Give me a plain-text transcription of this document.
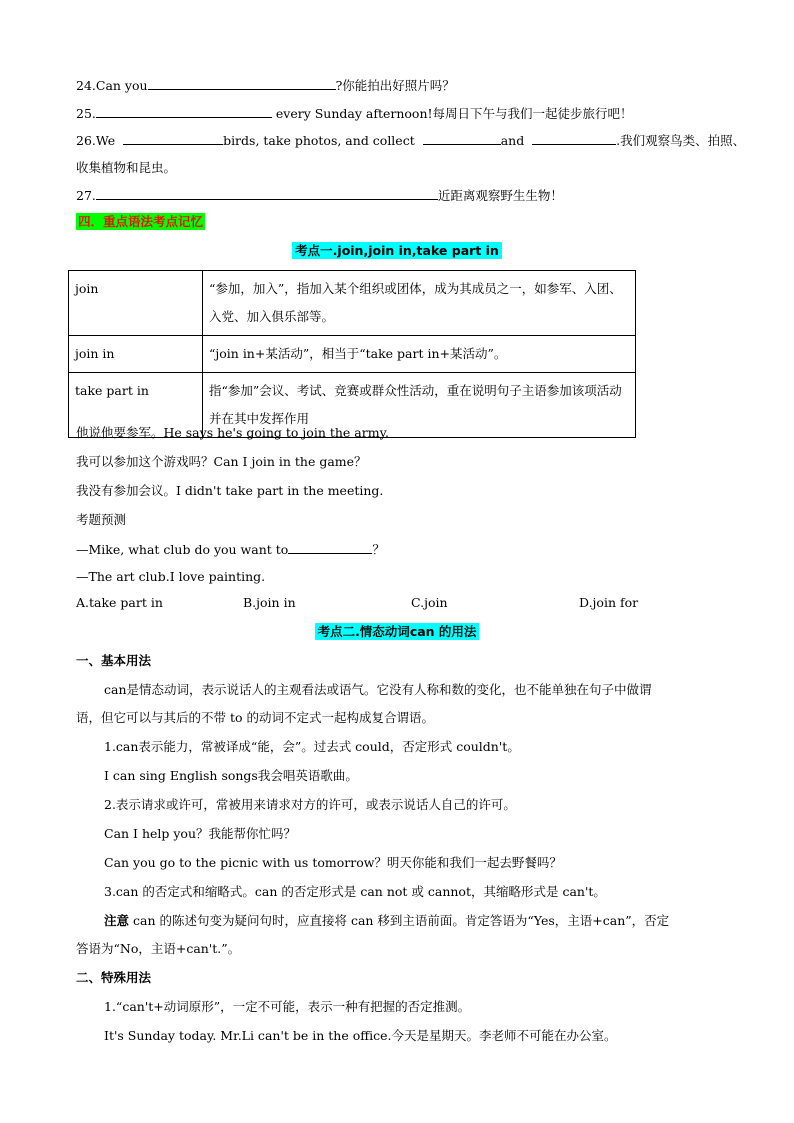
24.Can you	?你能拍出好照片吗？
25.	every Sunday afternoon!每周日下午与我们一起徒步旅行吧！
26.We	birds, take photos, and collect	and	.我们观察鸟类、拍照、
收集植物和昆虫。
27.	近距离观察野生生物！
四．重点语法考点记忆
考点一.join,join in,take part in
join	“参加，加入”，指加入某个组织或团体，成为其成员之一，如参军、入团、入党、加入俱乐部等。
join in	“join in+某活动”，相当于“take part in+某活动”。
take part in	指“参加”会议、考试、竞赛或群众性活动，重在说明句子主语参加该项活动并在其中发挥作用
他说他要参军。He says he's going to join the army.
我可以参加这个游戏吗？Can I join in the game？
我没有参加会议。I didn't take part in the meeting.
考题预测
—Mike, what club do you want to	？
—The art club.I love painting.
A.take part in	B.join in	C.join	D.join for
考点二.情态动词can 的用法
一、基本用法
can是情态动词，表示说话人的主观看法或语气。它没有人称和数的变化，也不能单独在句子中做谓
语，但它可以与其后的不带 to 的动词不定式一起构成复合谓语。
1.can表示能力，常被译成“能，会”。过去式 could，否定形式 couldn't。
I can sing English songs我会唱英语歌曲。
2.表示请求或许可，常被用来请求对方的许可，或表示说话人自己的许可。
Can I help you？我能帮你忙吗？
Can you go to the picnic with us tomorrow？明天你能和我们一起去野餐吗？
3.can 的否定式和缩略式。can 的否定形式是 can not 或 cannot，其缩略形式是 can't。
注意 can 的陈述句变为疑问句时，应直接将 can 移到主语前面。肯定答语为“Yes，主语+can”，否定
答语为“No，主语+can't.”。
二、特殊用法
1.“can't+动词原形”，一定不可能，表示一种有把握的否定推测。
It's Sunday today. Mr.Li can't be in the office.今天是星期天。李老师不可能在办公室。
